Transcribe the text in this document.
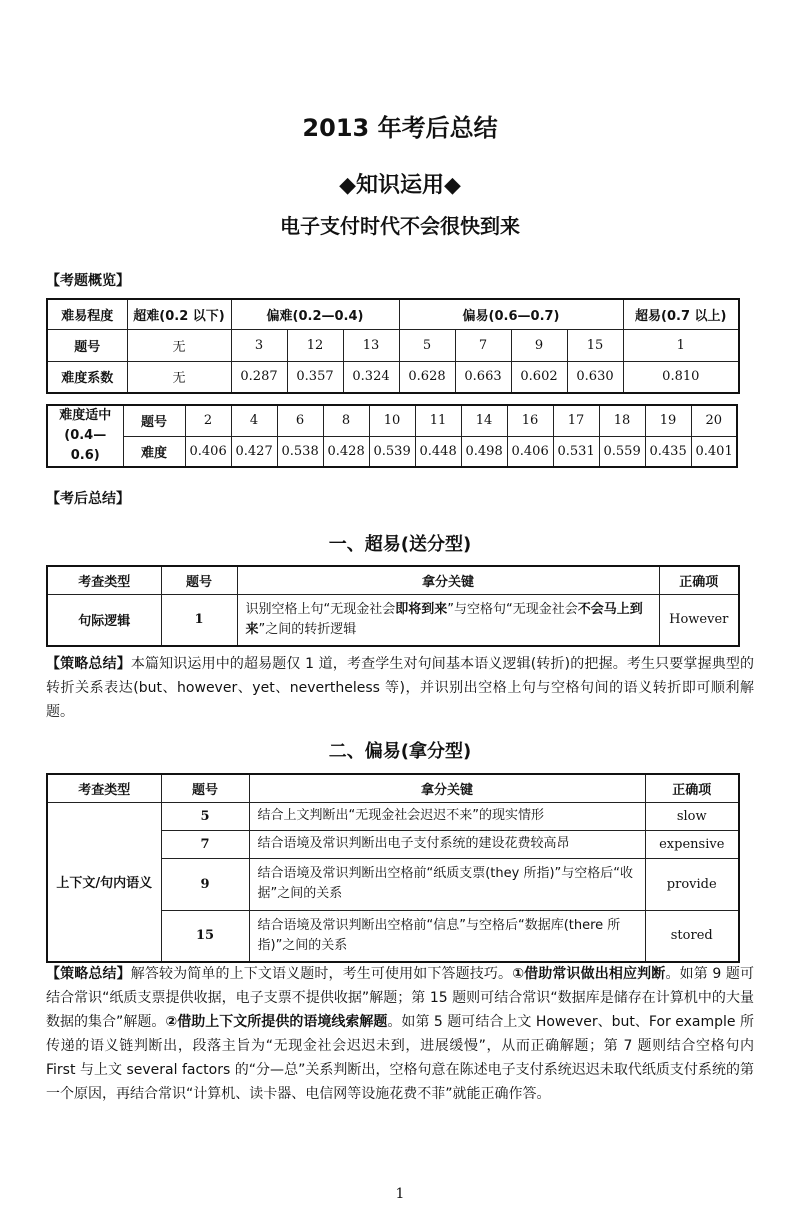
2013 年考后总结
◆知识运用◆
电子支付时代不会很快到来
【考题概览】
难易程度	超难(0.2 以下)	偏难(0.2—0.4)			偏易(0.6—0.7)				超易(0.7 以上)
题号	无	3	12	13	5	7	9	15	1
难度系数	无	0.287	0.357	0.324	0.628	0.663	0.602	0.630	0.810
难度适中
(0.4—0.6)	题号	2	4	6	8	10	11	14	16	17	18	19	20
	难度	0.406	0.427	0.538	0.428	0.539	0.448	0.498	0.406	0.531	0.559	0.435	0.401
【考后总结】
一、超易(送分型)
考查类型	题号	拿分关键	正确项
句际逻辑	1	识别空格上句“无现金社会即将到来”与空格句“无现金社会不会马上到来”之间的转折逻辑	However

【策略总结】本篇知识运用中的超易题仅 1 道，考查学生对句间基本语义逻辑(转折)的把握。考生只要掌握典型的转折关系表达(but、however、yet、nevertheless 等)，并识别出空格上句与空格句间的语义转折即可顺利解题。

二、偏易(拿分型)
考查类型	题号	拿分关键	正确项
上下文/句内语义	5	结合上文判断出“无现金社会迟迟不来”的现实情形	slow
	7	结合语境及常识判断出电子支付系统的建设花费较高昂	expensive
	9	结合语境及常识判断出空格前“纸质支票(they 所指)”与空格后“收据”之间的关系	provide
	15	结合语境及常识判断出空格前“信息”与空格后“数据库(there 所指)”之间的关系	stored

【策略总结】解答较为简单的上下文语义题时，考生可使用如下答题技巧。①借助常识做出相应判断。如第 9 题可结合常识“纸质支票提供收据，电子支票不提供收据”解题；第 15 题则可结合常识“数据库是储存在计算机中的大量数据的集合”解题。②借助上下文所提供的语境线索解题。如第 5 题可结合上文 However、but、For example 所传递的语义链判断出，段落主旨为“无现金社会迟迟未到，进展缓慢”，从而正确解题；第 7 题则结合空格句内 First 与上文 several factors 的“分—总”关系判断出，空格句意在陈述电子支付系统迟迟未取代纸质支付系统的第一个原因，再结合常识“计算机、读卡器、电信网等设施花费不菲”就能正确作答。

1
